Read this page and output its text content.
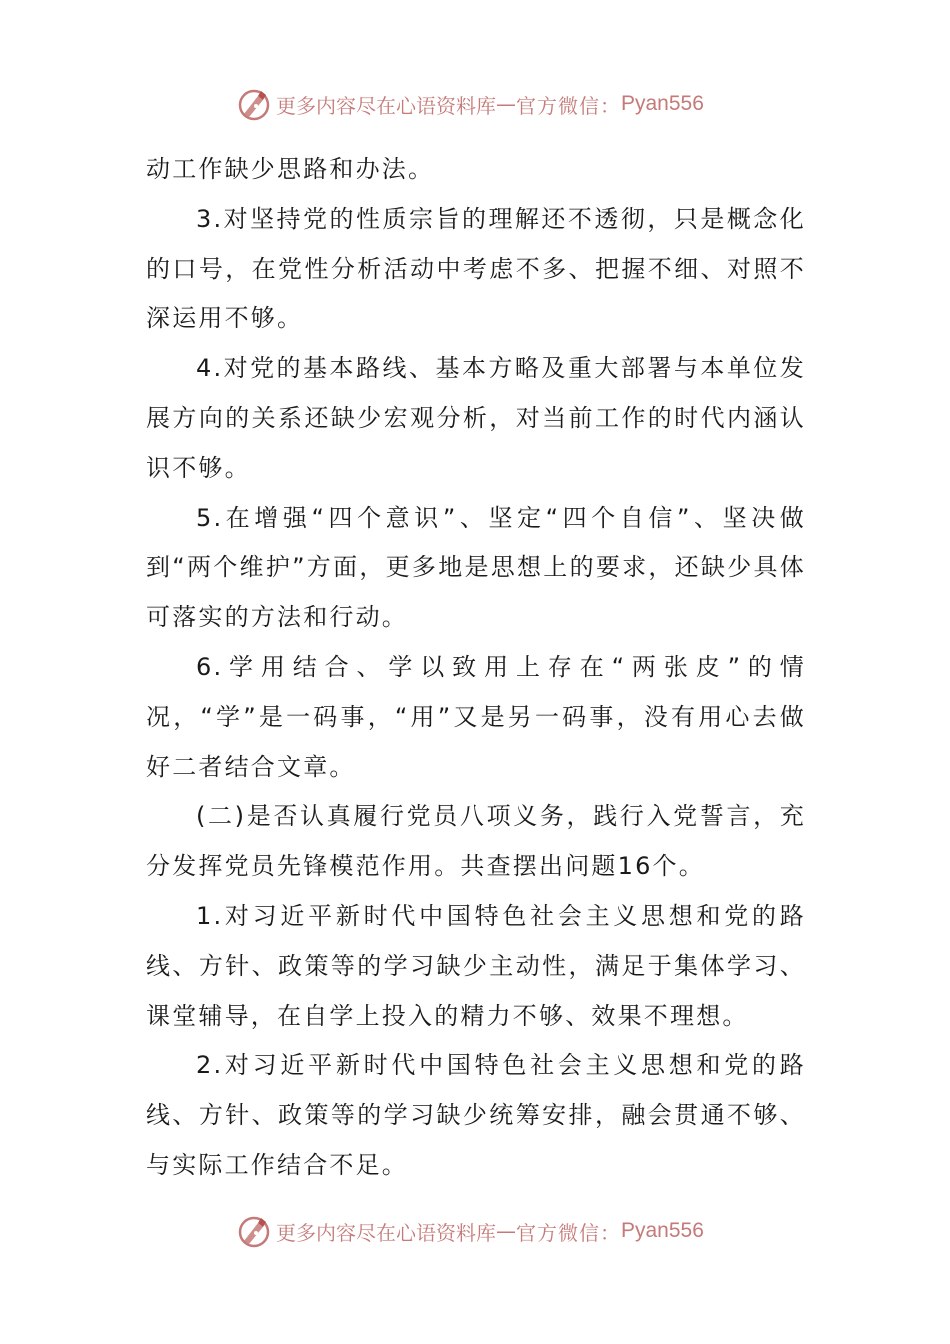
更多内容尽在心语资料库 — 官方微信： Pyan556

动工作缺少思路和办法。

3.对坚持党的性质宗旨的理解还不透彻，只是概念化的口号，在党性分析活动中考虑不多、把握不细、对照不深运用不够。

4.对党的基本路线、基本方略及重大部署与本单位发展方向的关系还缺少宏观分析，对当前工作的时代内涵认识不够。

5.在增强“四个意识”、坚定“四个自信”、坚决做到“两个维护”方面，更多地是思想上的要求，还缺少具体可落实的方法和行动。

6.学用结合、学以致用上存在“两张皮”的情况，“学”是一码事，“用”又是另一码事，没有用心去做好二者结合文章。

(二)是否认真履行党员八项义务，践行入党誓言，充分发挥党员先锋模范作用。共查摆出问题16个。

1.对习近平新时代中国特色社会主义思想和党的路线、方针、政策等的学习缺少主动性，满足于集体学习、课堂辅导，在自学上投入的精力不够、效果不理想。

2.对习近平新时代中国特色社会主义思想和党的路线、方针、政策等的学习缺少统筹安排，融会贯通不够、与实际工作结合不足。

更多内容尽在心语资料库 — 官方微信： Pyan556
